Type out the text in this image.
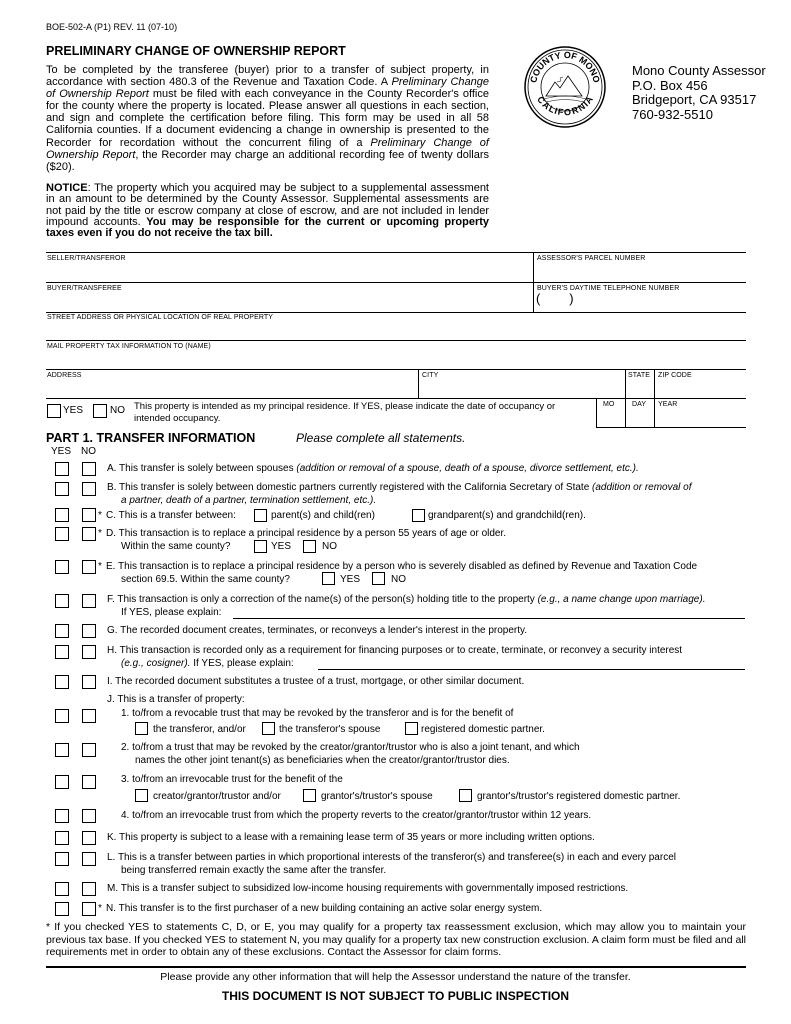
BOE-502-A (P1) REV. 11 (07-10)
PRELIMINARY CHANGE OF OWNERSHIP REPORT
To be completed by the transferee (buyer) prior to a transfer of subject property, in accordance with section 480.3 of the Revenue and Taxation Code. A Preliminary Change of Ownership Report must be filed with each conveyance in the County Recorder's office for the county where the property is located. Please answer all questions in each section, and sign and complete the certification before filing. This form may be used in all 58 California counties. If a document evidencing a change in ownership is presented to the Recorder for recordation without the concurrent filing of a Preliminary Change of Ownership Report, the Recorder may charge an additional recording fee of twenty dollars ($20).
NOTICE: The property which you acquired may be subject to a supplemental assessment in an amount to be determined by the County Assessor. Supplemental assessments are not paid by the title or escrow company at close of escrow, and are not included in lender impound accounts. You may be responsible for the current or upcoming property taxes even if you do not receive the tax bill.
COUNTY OF MONO
CALIFORNIA
Mono County Assessor
P.O. Box 456
Bridgeport, CA 93517
760-932-5510
SELLER/TRANSFEROR	ASSESSOR'S PARCEL NUMBER
BUYER/TRANSFEREE	BUYER'S DAYTIME TELEPHONE NUMBER
(        )
STREET ADDRESS OR PHYSICAL LOCATION OF REAL PROPERTY
MAIL PROPERTY TAX INFORMATION TO (NAME)
ADDRESS	CITY	STATE ZIP CODE
YES	NO This property is intended as my principal residence. If YES, please indicate the date of occupancy or intended occupancy.
MO	DAY YEAR
PART 1. TRANSFER INFORMATION	Please complete all statements.
YES NO
A. This transfer is solely between spouses (addition or removal of a spouse, death of a spouse, divorce settlement, etc.).
B. This transfer is solely between domestic partners currently registered with the California Secretary of State (addition or removal of
a partner, death of a partner, termination settlement, etc.).
* C. This is a transfer between:	parent(s) and child(ren)	grandparent(s) and grandchild(ren).
* D. This transaction is to replace a principal residence by a person 55 years of age or older.
Within the same county?	YES	NO
* E. This transaction is to replace a principal residence by a person who is severely disabled as defined by Revenue and Taxation Code
section 69.5. Within the same county?	YES	NO
F. This transaction is only a correction of the name(s) of the person(s) holding title to the property (e.g., a name change upon marriage).
If YES, please explain:
G. The recorded document creates, terminates, or reconveys a lender's interest in the property.
H. This transaction is recorded only as a requirement for financing purposes or to create, terminate, or reconvey a security interest
(e.g., cosigner). If YES, please explain:
I. The recorded document substitutes a trustee of a trust, mortgage, or other similar document.
J. This is a transfer of property:
1. to/from a revocable trust that may be revoked by the transferor and is for the benefit of
the transferor, and/or	the transferor's spouse	registered domestic partner.
2. to/from a trust that may be revoked by the creator/grantor/trustor who is also a joint tenant, and which
names the other joint tenant(s) as beneficiaries when the creator/grantor/trustor dies.
3. to/from an irrevocable trust for the benefit of the
creator/grantor/trustor and/or	grantor's/trustor's spouse	grantor's/trustor's registered domestic partner.
4. to/from an irrevocable trust from which the property reverts to the creator/grantor/trustor within 12 years.
K. This property is subject to a lease with a remaining lease term of 35 years or more including written options.
L. This is a transfer between parties in which proportional interests of the transferor(s) and transferee(s) in each and every parcel
being transferred remain exactly the same after the transfer.
M. This is a transfer subject to subsidized low-income housing requirements with governmentally imposed restrictions.
* N. This transfer is to the first purchaser of a new building containing an active solar energy system.
* If you checked YES to statements C, D, or E, you may qualify for a property tax reassessment exclusion, which may allow you to maintain your previous tax base. If you checked YES to statement N, you may qualify for a property tax new construction exclusion. A claim form must be filed and all requirements met in order to obtain any of these exclusions. Contact the Assessor for claim forms.
Please provide any other information that will help the Assessor understand the nature of the transfer.
THIS DOCUMENT IS NOT SUBJECT TO PUBLIC INSPECTION
